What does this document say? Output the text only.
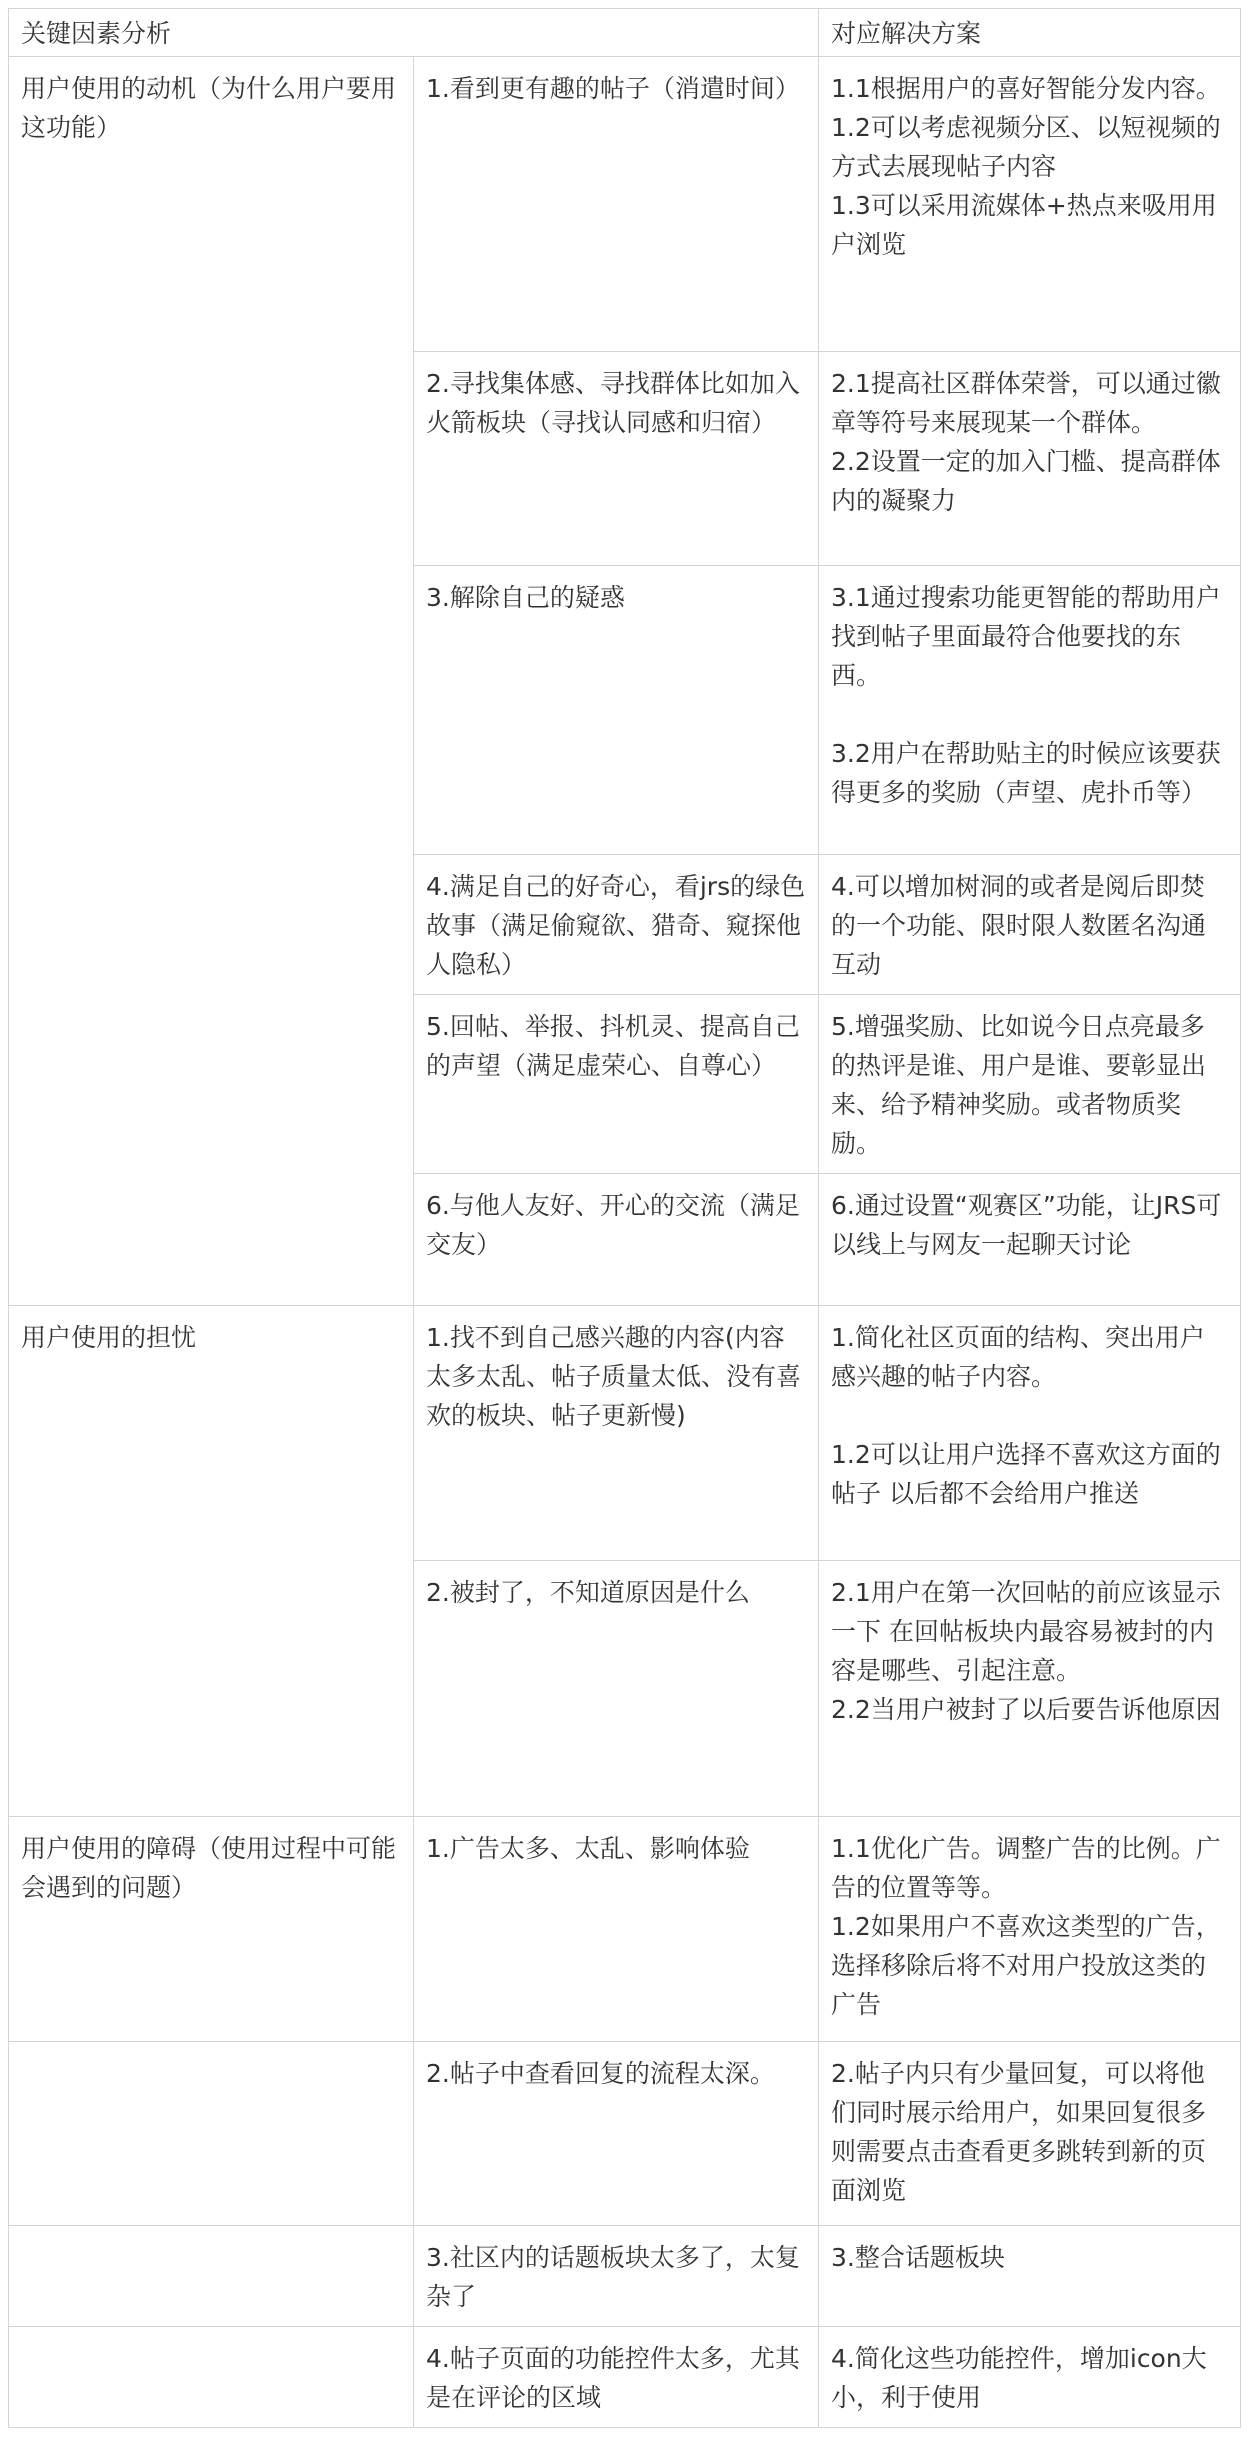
关键因素分析		对应解决方案
用户使用的动机（为什么用户要用这功能）	1.看到更有趣的帖子（消遣时间）	1.1根据用户的喜好智能分发内容。
1.2可以考虑视频分区、以短视频的方式去展现帖子内容
1.3可以采用流媒体+热点来吸用用户浏览
	2.寻找集体感、寻找群体比如加入火箭板块（寻找认同感和归宿）	2.1提高社区群体荣誉，可以通过徽章等符号来展现某一个群体。
2.2设置一定的加入门槛、提高群体内的凝聚力
	3.解除自己的疑惑	3.1通过搜索功能更智能的帮助用户找到帖子里面最符合他要找的东西。

3.2用户在帮助贴主的时候应该要获得更多的奖励（声望、虎扑币等）
	4.满足自己的好奇心，看jrs的绿色故事（满足偷窥欲、猎奇、窥探他人隐私）	4.可以增加树洞的或者是阅后即焚的一个功能、限时限人数匿名沟通互动
	5.回帖、举报、抖机灵、提高自己的声望（满足虚荣心、自尊心）	5.增强奖励、比如说今日点亮最多的热评是谁、用户是谁、要彰显出来、给予精神奖励。或者物质奖励。
	6.与他人友好、开心的交流（满足交友）	6.通过设置“观赛区”功能，让JRS可以线上与网友一起聊天讨论
用户使用的担忧	1.找不到自己感兴趣的内容(内容太多太乱、帖子质量太低、没有喜欢的板块、帖子更新慢)	1.简化社区页面的结构、突出用户感兴趣的帖子内容。

1.2可以让用户选择不喜欢这方面的帖子 以后都不会给用户推送
	2.被封了，不知道原因是什么	2.1用户在第一次回帖的前应该显示一下 在回帖板块内最容易被封的内容是哪些、引起注意。
2.2当用户被封了以后要告诉他原因
用户使用的障碍（使用过程中可能会遇到的问题）	1.广告太多、太乱、影响体验	1.1优化广告。调整广告的比例。广告的位置等等。
1.2如果用户不喜欢这类型的广告，选择移除后将不对用户投放这类的广告
	2.帖子中查看回复的流程太深。	2.帖子内只有少量回复，可以将他们同时展示给用户，如果回复很多则需要点击查看更多跳转到新的页面浏览
	3.社区内的话题板块太多了，太复杂了	3.整合话题板块
	4.帖子页面的功能控件太多，尤其是在评论的区域	4.简化这些功能控件，增加icon大小，利于使用
